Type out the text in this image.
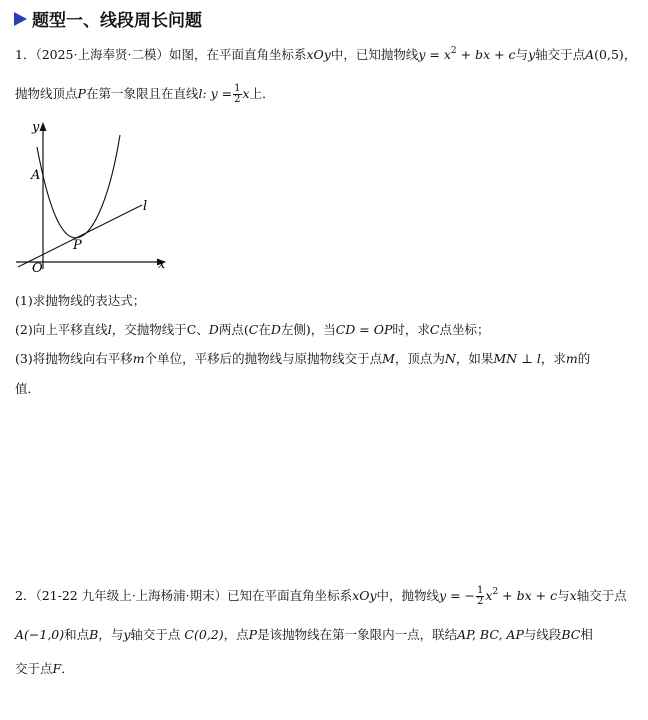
题型一、线段周长问题
1．（2025·上海奉贤·二模）如图，在平面直角坐标系xOy中，已知抛物线$y = x^2$ + bx + c与y轴交于点A(0,5)，
抛物线顶点P在第一象限且在直线l: $y = \frac{1}{2}$ x上．
y
A
l
P
O	x
(1)求抛物线的表达式；
(2)向上平移直线l，交抛物线于C、D两点(C在D左侧)，当CD = OP时，求C点坐标；
(3)将抛物线向右平移m个单位，平移后的抛物线与原抛物线交于点M，顶点为N，如果MN ⊥ l，求m的
值．
2．（21-22 九年级上·上海杨浦·期末）已知在平面直角坐标系xOy中，抛物线y = − $\frac{1}{2} x^2$ + bx + c与x轴交于点
A(−1,0)和点B，与y轴交于点 C(0,2)，点P是该抛物线在第一象限内一点，联结AP, BC, AP与线段BC相
交于点F．
